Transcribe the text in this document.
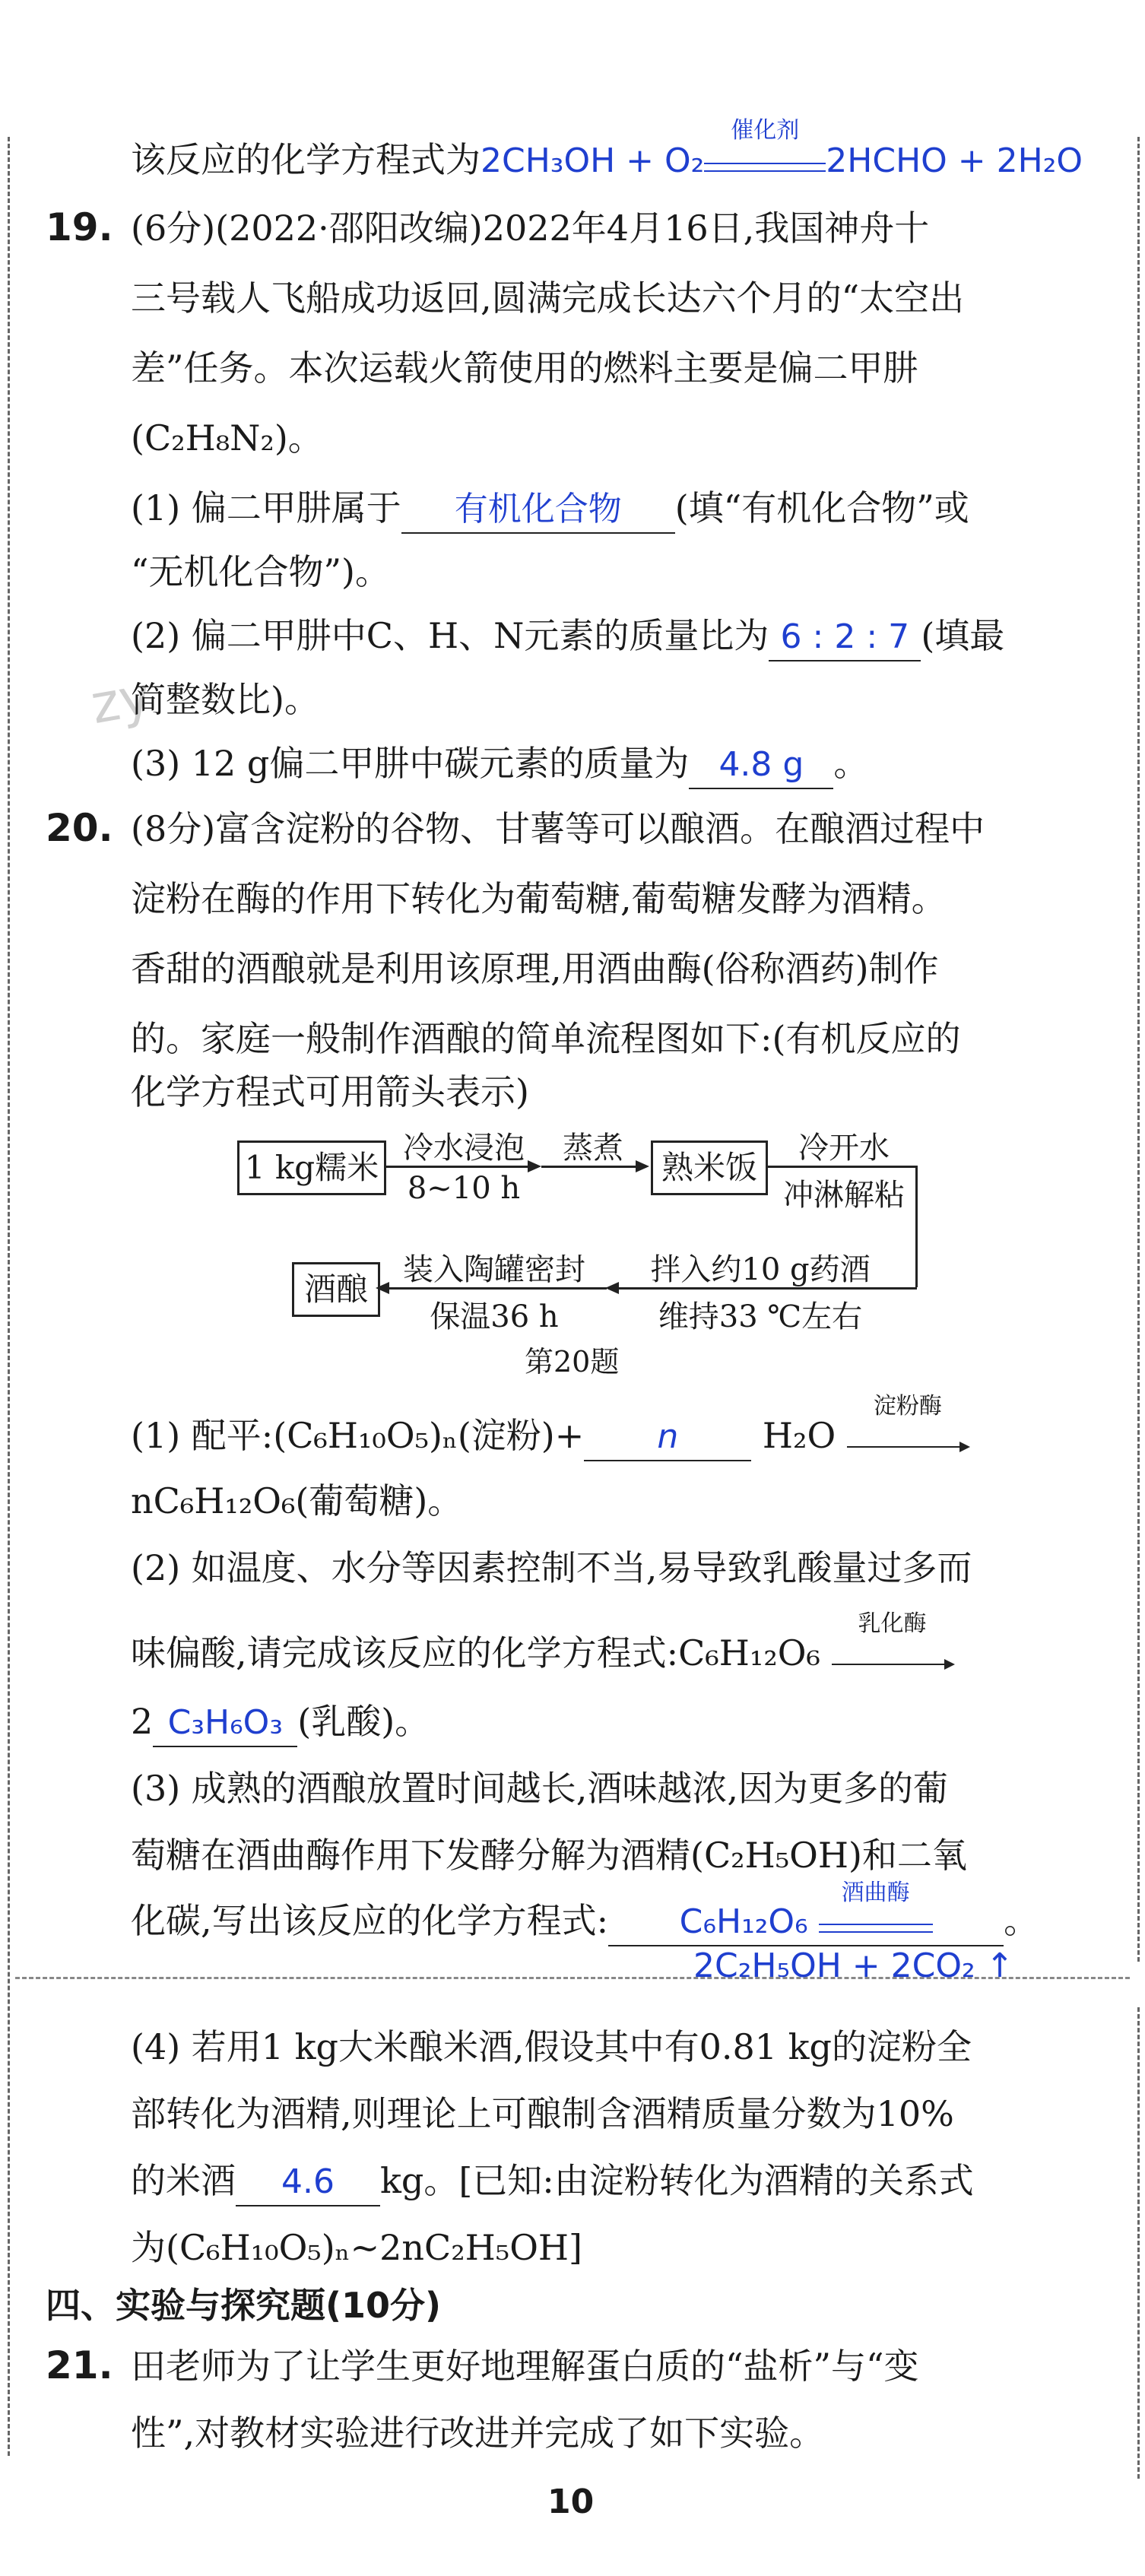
zy
该反应的化学方程式为2CH₃OH + O₂
催化剂
2HCHO + 2H₂O
19. (6分)(2022·邵阳改编)2022年4月16日,我国神舟十
三号载人飞船成功返回,圆满完成长达六个月的“太空出
差”任务。本次运载火箭使用的燃料主要是偏二甲肼
(C₂H₈N₂)。
(1) 偏二甲肼属于 有机化合物 (填“有机化合物”或
“无机化合物”)。
(2) 偏二甲肼中C、H、N元素的质量比为 6 : 2 : 7 (填最
简整数比)。
(3) 12 g偏二甲肼中碳元素的质量为 4.8 g 。
20. (8分)富含淀粉的谷物、甘薯等可以酿酒。在酿酒过程中
淀粉在酶的作用下转化为葡萄糖,葡萄糖发酵为酒精。
香甜的酒酿就是利用该原理,用酒曲酶(俗称酒药)制作
的。家庭一般制作酒酿的简单流程图如下:(有机反应的
化学方程式可用箭头表示)
1 kg糯米
冷水浸泡
8~10 h
蒸煮
熟米饭
冷开水
冲淋解粘
拌入约10 g药酒
维持33 ℃左右
装入陶罐密封
保温36 h
酒酿
第20题
(1) 配平:(C₆H₁₀O₅)ₙ(淀粉)+ n H₂O
淀粉酶
nC₆H₁₂O₆(葡萄糖)。
(2) 如温度、水分等因素控制不当,易导致乳酸量过多而
味偏酸,请完成该反应的化学方程式:C₆H₁₂O₆
乳化酶
2 C₃H₆O₃ (乳酸)。
(3) 成熟的酒酿放置时间越长,酒味越浓,因为更多的葡
萄糖在酒曲酶作用下发酵分解为酒精(C₂H₅OH)和二氧
化碳,写出该反应的化学方程式: C₆H₁₂O₆
酒曲酶
。
2C₂H₅OH + 2CO₂ ↑
(4) 若用1 kg大米酿米酒,假设其中有0.81 kg的淀粉全
部转化为酒精,则理论上可酿制含酒精质量分数为10%
的米酒 4.6 kg。[已知:由淀粉转化为酒精的关系式
为(C₆H₁₀O₅)ₙ~2nC₂H₅OH]
四、实验与探究题(10分)
21. 田老师为了让学生更好地理解蛋白质的“盐析”与“变
性”,对教材实验进行改进并完成了如下实验。
10
